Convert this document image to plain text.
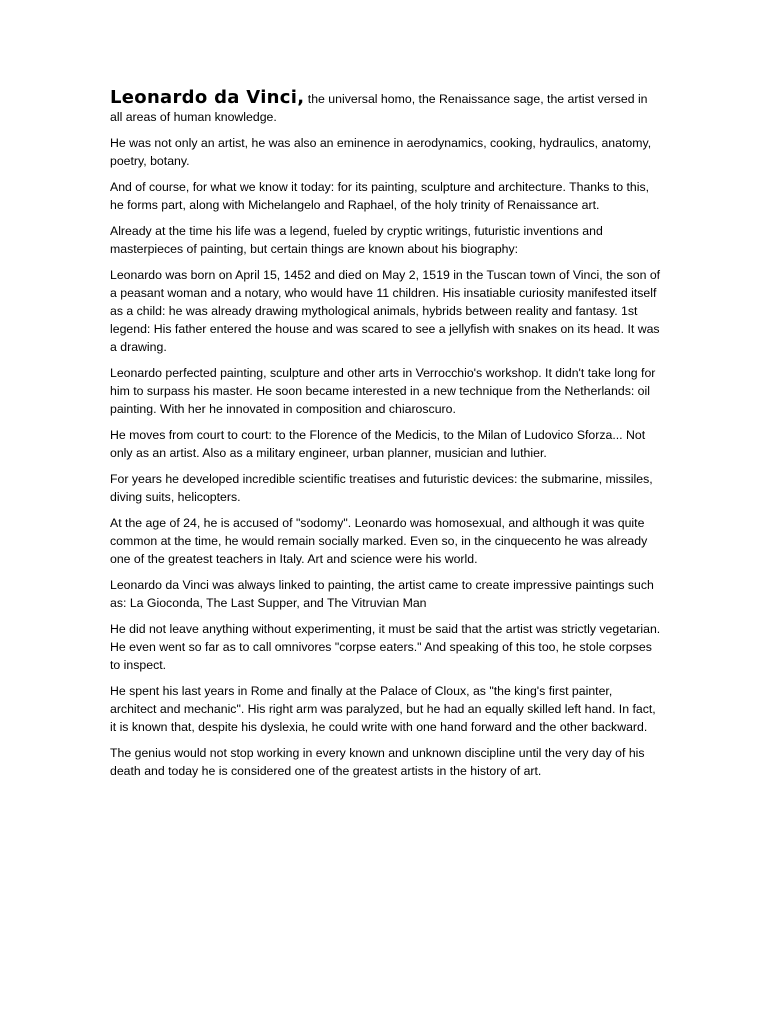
Leonardo da Vinci, the universal homo, the Renaissance sage, the artist versed in all areas of human knowledge.

He was not only an artist, he was also an eminence in aerodynamics, cooking, hydraulics, anatomy, poetry, botany.

And of course, for what we know it today: for its painting, sculpture and architecture. Thanks to this, he forms part, along with Michelangelo and Raphael, of the holy trinity of Renaissance art.

Already at the time his life was a legend, fueled by cryptic writings, futuristic inventions and masterpieces of painting, but certain things are known about his biography:

Leonardo was born on April 15, 1452 and died on May 2, 1519 in the Tuscan town of Vinci, the son of a peasant woman and a notary, who would have 11 children. His insatiable curiosity manifested itself as a child: he was already drawing mythological animals, hybrids between reality and fantasy. 1st legend: His father entered the house and was scared to see a jellyfish with snakes on its head. It was a drawing.

Leonardo perfected painting, sculpture and other arts in Verrocchio's workshop. It didn't take long for him to surpass his master. He soon became interested in a new technique from the Netherlands: oil painting. With her he innovated in composition and chiaroscuro.

He moves from court to court: to the Florence of the Medicis, to the Milan of Ludovico Sforza... Not only as an artist. Also as a military engineer, urban planner, musician and luthier.

For years he developed incredible scientific treatises and futuristic devices: the submarine, missiles, diving suits, helicopters.

At the age of 24, he is accused of "sodomy". Leonardo was homosexual, and although it was quite common at the time, he would remain socially marked. Even so, in the cinquecento he was already one of the greatest teachers in Italy. Art and science were his world.

Leonardo da Vinci was always linked to painting, the artist came to create impressive paintings such as: La Gioconda, The Last Supper, and The Vitruvian Man

He did not leave anything without experimenting, it must be said that the artist was strictly vegetarian. He even went so far as to call omnivores "corpse eaters." And speaking of this too, he stole corpses to inspect.

He spent his last years in Rome and finally at the Palace of Cloux, as "the king's first painter, architect and mechanic". His right arm was paralyzed, but he had an equally skilled left hand. In fact, it is known that, despite his dyslexia, he could write with one hand forward and the other backward.

The genius would not stop working in every known and unknown discipline until the very day of his death and today he is considered one of the greatest artists in the history of art.
